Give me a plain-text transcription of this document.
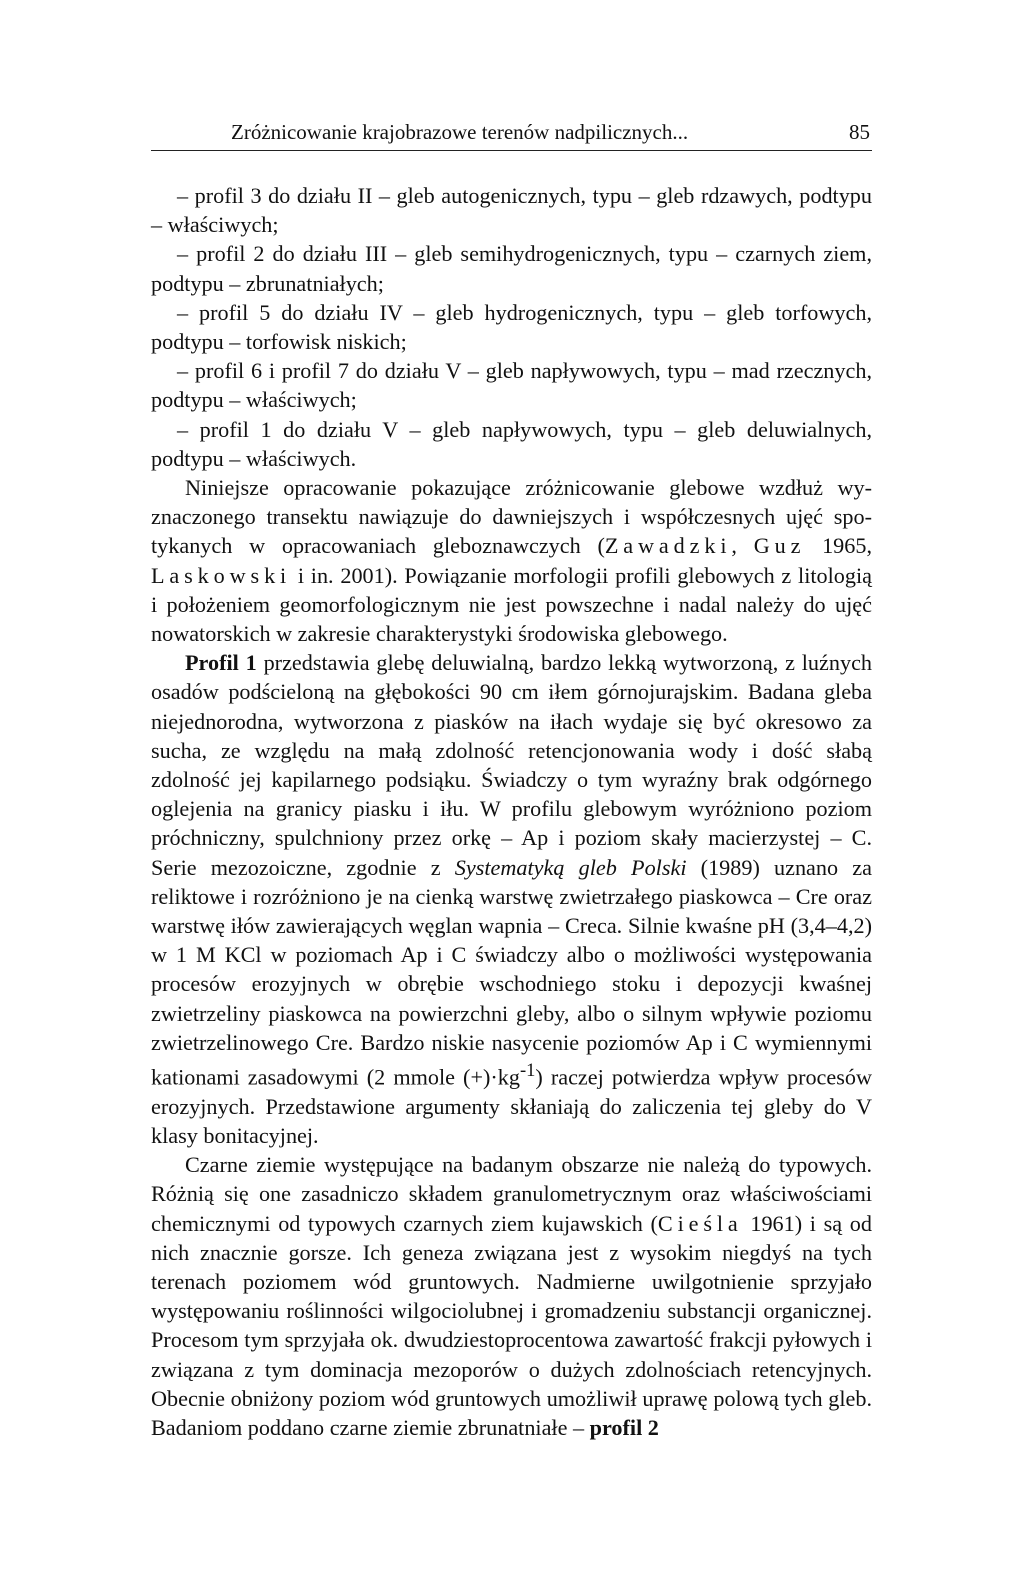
Zróżnicowanie krajobrazowe terenów nadpilicznych...	85

– profil 3 do działu II – gleb autogenicznych, typu – gleb rdzawych, podtypu – właściwych;

– profil 2 do działu III – gleb semihydrogenicznych, typu – czarnych ziem, podtypu – zbrunatniałych;

– profil 5 do działu IV – gleb hydrogenicznych, typu – gleb torfowych, podtypu – torfowisk niskich;

– profil 6 i profil 7 do działu V – gleb napływowych, typu – mad rzecznych, podtypu – właściwych;

– profil 1 do działu V – gleb napływowych, typu – gleb deluwialnych, podtypu – właściwych.

Niniejsze opracowanie pokazujące zróżnicowanie glebowe wzdłuż wyznaczonego transektu nawiązuje do dawniejszych i współczesnych ujęć spotykanych w opracowaniach gleboznawczych (Zawadzki, Guz 1965, Laskowski i in. 2001). Powiązanie morfologii profili glebowych z litologią i położeniem geomorfologicznym nie jest powszechne i nadal należy do ujęć nowatorskich w zakresie charakterystyki środowiska glebowego.

Profil 1 przedstawia glebę deluwialną, bardzo lekką wytworzoną, z luźnych osadów podścieloną na głębokości 90 cm iłem górnojurajskim. Badana gleba niejednorodna, wytworzona z piasków na iłach wydaje się być okresowo za sucha, ze względu na małą zdolność retencjonowania wody i dość słabą zdolność jej kapilarnego podsiąku. Świadczy o tym wyraźny brak odgórnego oglejenia na granicy piasku i iłu. W profilu glebowym wyróżniono poziom próchniczny, spulchniony przez orkę – Ap i poziom skały macierzystej – C. Serie mezozoiczne, zgodnie z Systematyką gleb Polski (1989) uznano za reliktowe i rozróżniono je na cienką warstwę zwietrzałego piaskowca – Cre oraz warstwę iłów zawierających węglan wapnia – Creca. Silnie kwaśne pH (3,4–4,2) w 1 M KCl w poziomach Ap i C świadczy albo o możliwości występowania procesów erozyjnych w obrębie wschodniego stoku i depozycji kwaśnej zwietrzeliny piaskowca na powierzchni gleby, albo o silnym wpływie poziomu zwietrzelinowego Cre. Bardzo niskie nasycenie poziomów Ap i C wymiennymi kationami zasadowymi (2 mmole $(+)\cdot kg^{-1}$) raczej potwierdza wpływ procesów erozyjnych. Przedstawione argumenty skłaniają do zaliczenia tej gleby do V klasy bonitacyjnej.

Czarne ziemie występujące na badanym obszarze nie należą do typowych. Różnią się one zasadniczo składem granulometrycznym oraz właściwościami chemicznymi od typowych czarnych ziem kujawskich (Cieśla 1961) i są od nich znacznie gorsze. Ich geneza związana jest z wysokim niegdyś na tych terenach poziomem wód gruntowych. Nadmierne uwilgotnienie sprzyjało występowaniu roślinności wilgociolubnej i gromadzeniu substancji organicznej. Procesom tym sprzyjała ok. dwudziestoprocentowa zawartość frakcji pyłowych i związana z tym dominacja mezoporów o dużych zdolnościach retencyjnych. Obecnie obniżony poziom wód gruntowych umożliwił uprawę polową tych gleb. Badaniom poddano czarne ziemie zbrunatniałe – profil 2
